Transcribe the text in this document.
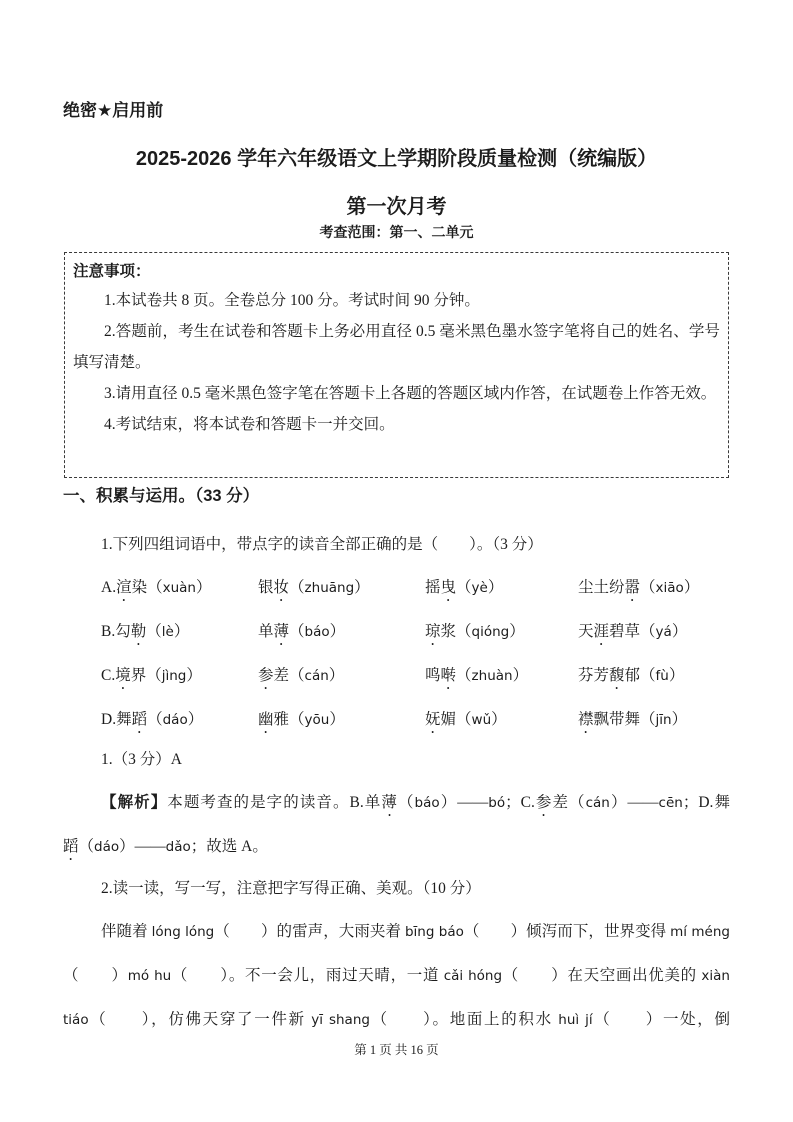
绝密★启用前
2025-2026 学年六年级语文上学期阶段质量检测（统编版）
第一次月考
考查范围：第一、二单元
注意事项：
1.本试卷共 8 页。全卷总分 100 分。考试时间 90 分钟。
2.答题前，考生在试卷和答题卡上务必用直径 0.5 毫米黑色墨水签字笔将自己的姓名、学号填写清楚。
3.请用直径 0.5 毫米黑色签字笔在答题卡上各题的答题区域内作答，在试题卷上作答无效。
4.考试结束，将本试卷和答题卡一并交回。
一、积累与运用。（33 分）
1.下列四组词语中，带点字的读音全部正确的是（　　）。（3 分）
A.渲染（xuàn）	银妆（zhuāng）	摇曳（yè）	尘土纷嚣（xiāo）
B.勾勒（lè）	单薄（báo）	琼浆（qióng）	天涯碧草（yá）
C.境界（jìng）	参差（cán）	鸣啭（zhuàn）	芬芳馥郁（fù）
D.舞蹈（dáo）	幽雅（yōu）	妩媚（wǔ）	襟飘带舞（jīn）
1.（3 分）A
【解析】本题考查的是字的读音。B.单薄（báo）——bó；C.参差（cán）——cēn；D.舞
蹈（dáo）——dǎo；故选 A。
2.读一读，写一写，注意把字写得正确、美观。（10 分）
伴随着 lóng lóng（　　）的雷声，大雨夹着 bīng báo（　　）倾泻而下，世界变得 mí méng
（　　）mó hu（　　）。不一会儿，雨过天晴，一道 cǎi hóng（　　）在天空画出优美的 xiàn
tiáo（　　），仿佛天穿了一件新 yī shang（　　）。地面上的积水 huì jí（　　）一处，倒
第 1 页 共 16 页
